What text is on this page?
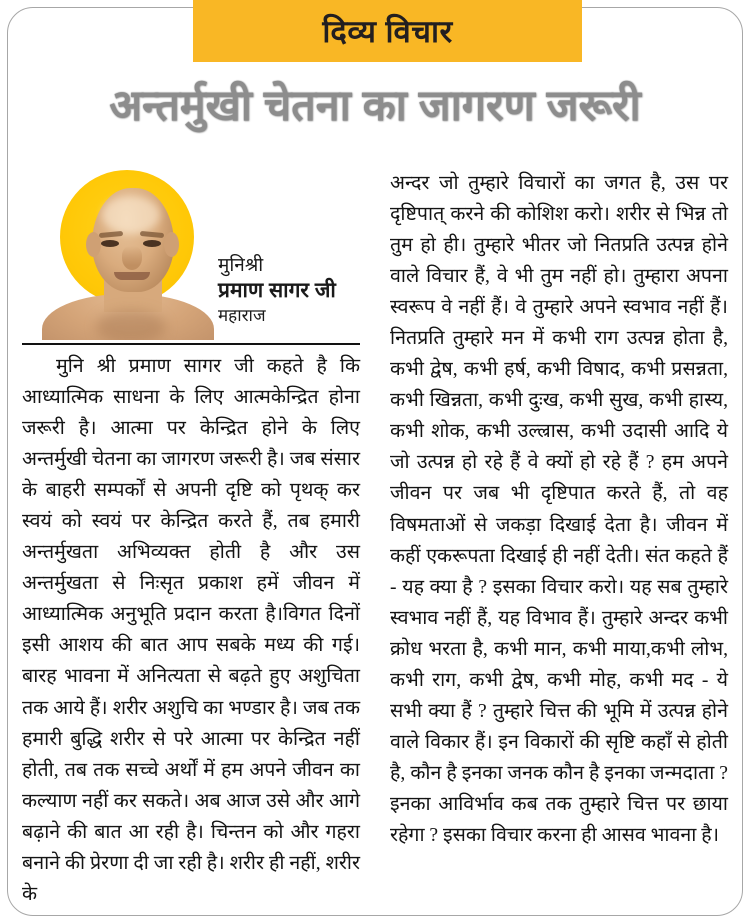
दिव्य विचार
अन्तर्मुखी चेतना का जागरण जरूरी
मुनिश्री
प्रमाण सागर जी
महाराज

मुनि श्री प्रमाण सागर जी कहते है कि आध्यात्मिक साधना के लिए आत्मकेन्द्रित होना जरूरी है। आत्मा पर केन्द्रित होने के लिए अन्तर्मुखी चेतना का जागरण जरूरी है। जब संसार के बाहरी सम्पर्कों से अपनी दृष्टि को पृथक् कर स्वयं को स्वयं पर केन्द्रित करते हैं, तब हमारी अन्तर्मुखता अभिव्यक्त होती है और उस अन्तर्मुखता से निःसृत प्रकाश हमें जीवन में आध्यात्मिक अनुभूति प्रदान करता है।विगत दिनों इसी आशय की बात आप सबके मध्य की गई। बारह भावना में अनित्यता से बढ़ते हुए अशुचिता तक आये हैं। शरीर अशुचि का भण्डार है। जब तक हमारी बुद्धि शरीर से परे आत्मा पर केन्द्रित नहीं होती, तब तक सच्चे अर्थों में हम अपने जीवन का कल्याण नहीं कर सकते। अब आज उसे और आगे बढ़ाने की बात आ रही है। चिन्तन को और गहरा बनाने की प्रेरणा दी जा रही है। शरीर ही नहीं, शरीर के

अन्दर जो तुम्हारे विचारों का जगत है, उस पर दृष्टिपात् करने की कोशिश करो। शरीर से भिन्न तो तुम हो ही। तुम्हारे भीतर जो नितप्रति उत्पन्न होने वाले विचार हैं, वे भी तुम नहीं हो। तुम्हारा अपना स्वरूप वे नहीं हैं। वे तुम्हारे अपने स्वभाव नहीं हैं। नितप्रति तुम्हारे मन में कभी राग उत्पन्न होता है, कभी द्वेष, कभी हर्ष, कभी विषाद, कभी प्रसन्नता, कभी खिन्नता, कभी दुःख, कभी सुख, कभी हास्य, कभी शोक, कभी उल्ल्रास, कभी उदासी आदि ये जो उत्पन्न हो रहे हैं वे क्यों हो रहे हैं ? हम अपने जीवन पर जब भी दृष्टिपात करते हैं, तो वह विषमताओं से जकड़ा दिखाई देता है। जीवन में कहीं एकरूपता दिखाई ही नहीं देती। संत कहते हैं - यह क्या है ? इसका विचार करो। यह सब तुम्हारे स्वभाव नहीं हैं, यह विभाव हैं। तुम्हारे अन्दर कभी क्रोध भरता है, कभी मान, कभी माया,कभी लोभ, कभी राग, कभी द्वेष, कभी मोह, कभी मद - ये सभी क्या हैं ? तुम्हारे चित्त की भूमि में उत्पन्न होने वाले विकार हैं। इन विकारों की सृष्टि कहाँ से होती है, कौन है इनका जनक कौन है इनका जन्मदाता ? इनका आविर्भाव कब तक तुम्हारे चित्त पर छाया रहेगा ? इसका विचार करना ही आसव भावना है।
